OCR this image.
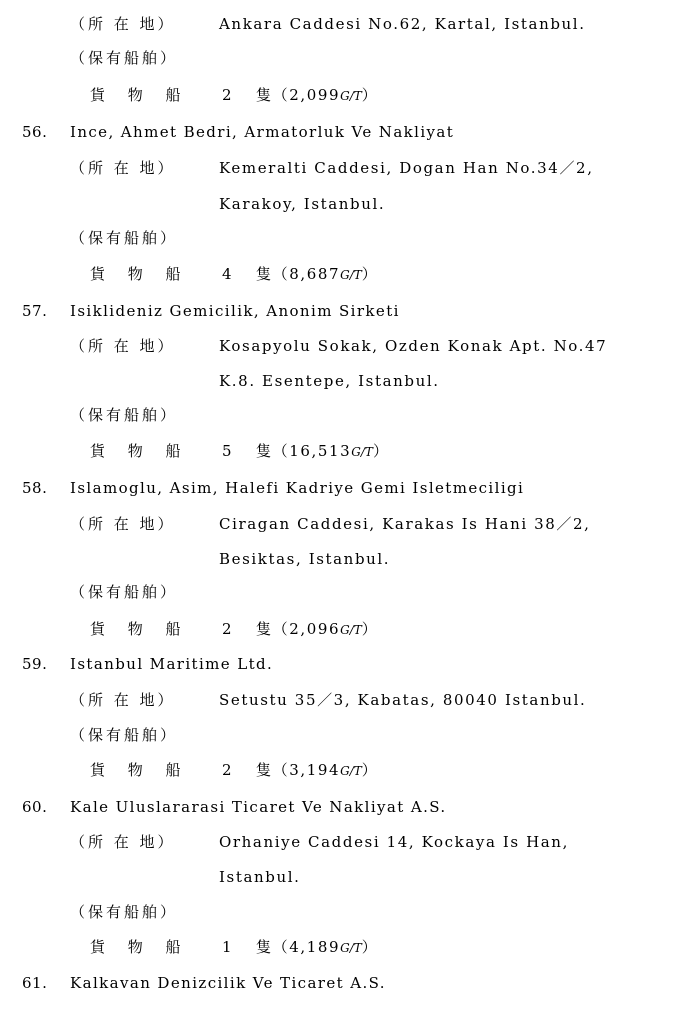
（所 在 地）	Ankara Caddesi No.62, Kartal, Istanbul.
（保有船舶）
貨 物 船 2 隻（2,099G/T）
56. Ince, Ahmet Bedri, Armatorluk Ve Nakliyat
（所 在 地）	Kemeralti Caddesi, Dogan Han No.34／2,
Karakoy, Istanbul.
（保有船舶）
貨 物 船 4 隻（8,687G/T）
57. Isiklideniz Gemicilik, Anonim Sirketi
（所 在 地）	Kosapyolu Sokak, Ozden Konak Apt. No.47
K.8. Esentepe, Istanbul.
（保有船舶）
貨 物 船 5 隻（16,513G/T）
58. Islamoglu, Asim, Halefi Kadriye Gemi Isletmeciligi
（所 在 地）	Ciragan Caddesi, Karakas Is Hani 38／2,
Besiktas, Istanbul.
（保有船舶）
貨 物 船 2 隻（2,096G/T）
59. Istanbul Maritime Ltd.
（所 在 地）	Setustu 35／3, Kabatas, 80040 Istanbul.
（保有船舶）
貨 物 船 2 隻（3,194G/T）
60. Kale Uluslararasi Ticaret Ve Nakliyat A.S.
（所 在 地）	Orhaniye Caddesi 14, Kockaya Is Han,
Istanbul.
（保有船舶）
貨 物 船 1 隻（4,189G/T）
61. Kalkavan Denizcilik Ve Ticaret A.S.
